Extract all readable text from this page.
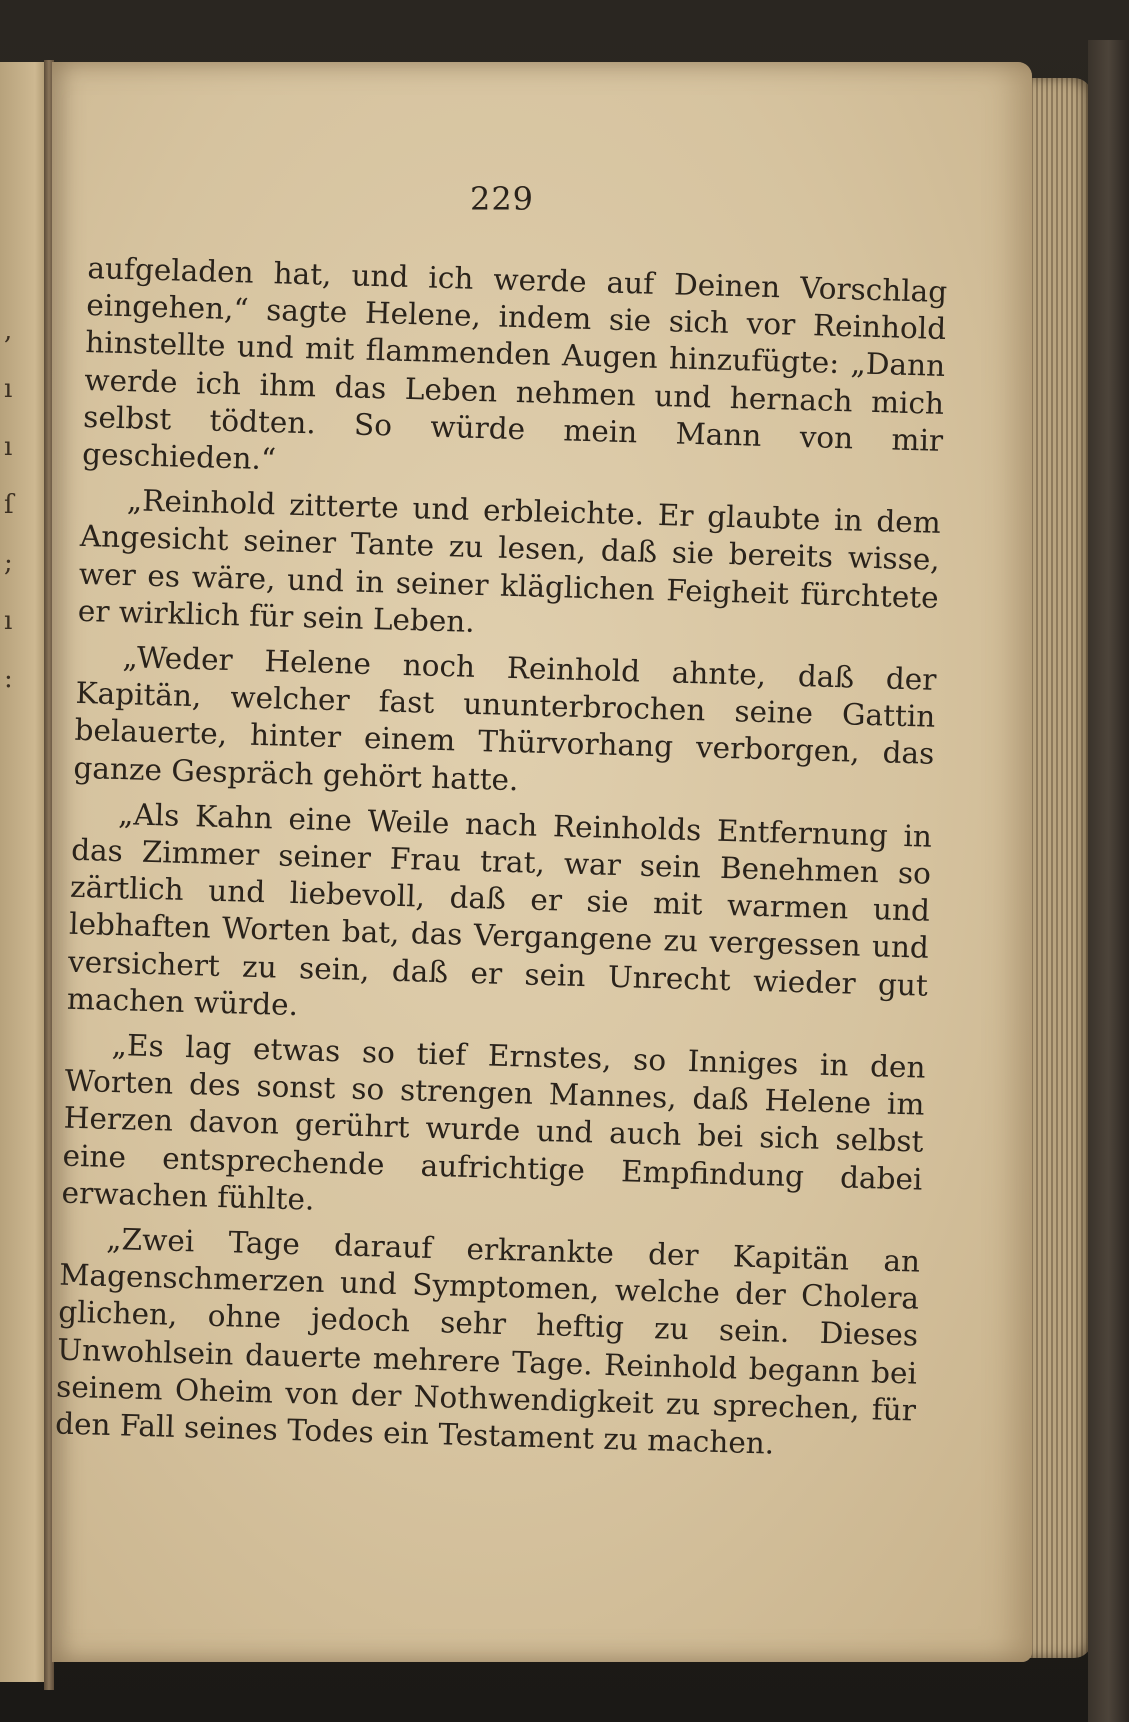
,
ı
ı
ſ
;
ı
:
229

aufgeladen hat, und ich werde auf Deinen Vorschlag eingehen,“ sagte Helene, indem sie sich vor Reinhold hinstellte und mit flammenden Augen hinzufügte: „Dann werde ich ihm das Leben nehmen und hernach mich selbst tödten. So würde mein Mann von mir geschieden.“

„Reinhold zitterte und erbleichte. Er glaubte in dem Angesicht seiner Tante zu lesen, daß sie bereits wisse, wer es wäre, und in seiner kläglichen Feigheit fürchtete er wirklich für sein Leben.

„Weder Helene noch Reinhold ahnte, daß der Kapitän, welcher fast ununterbrochen seine Gattin belauerte, hinter einem Thürvorhang verborgen, das ganze Gespräch gehört hatte.

„Als Kahn eine Weile nach Reinholds Entfernung in das Zimmer seiner Frau trat, war sein Benehmen so zärtlich und liebevoll, daß er sie mit warmen und lebhaften Worten bat, das Vergangene zu vergessen und versichert zu sein, daß er sein Unrecht wieder gut machen würde.

„Es lag etwas so tief Ernstes, so Inniges in den Worten des sonst so strengen Mannes, daß Helene im Herzen davon gerührt wurde und auch bei sich selbst eine entsprechende aufrichtige Empfindung dabei erwachen fühlte.

„Zwei Tage darauf erkrankte der Kapitän an Magenschmerzen und Symptomen, welche der Cholera glichen, ohne jedoch sehr heftig zu sein. Dieses Unwohlsein dauerte mehrere Tage. Reinhold begann bei seinem Oheim von der Nothwendigkeit zu sprechen, für den Fall seines Todes ein Testament zu machen.
